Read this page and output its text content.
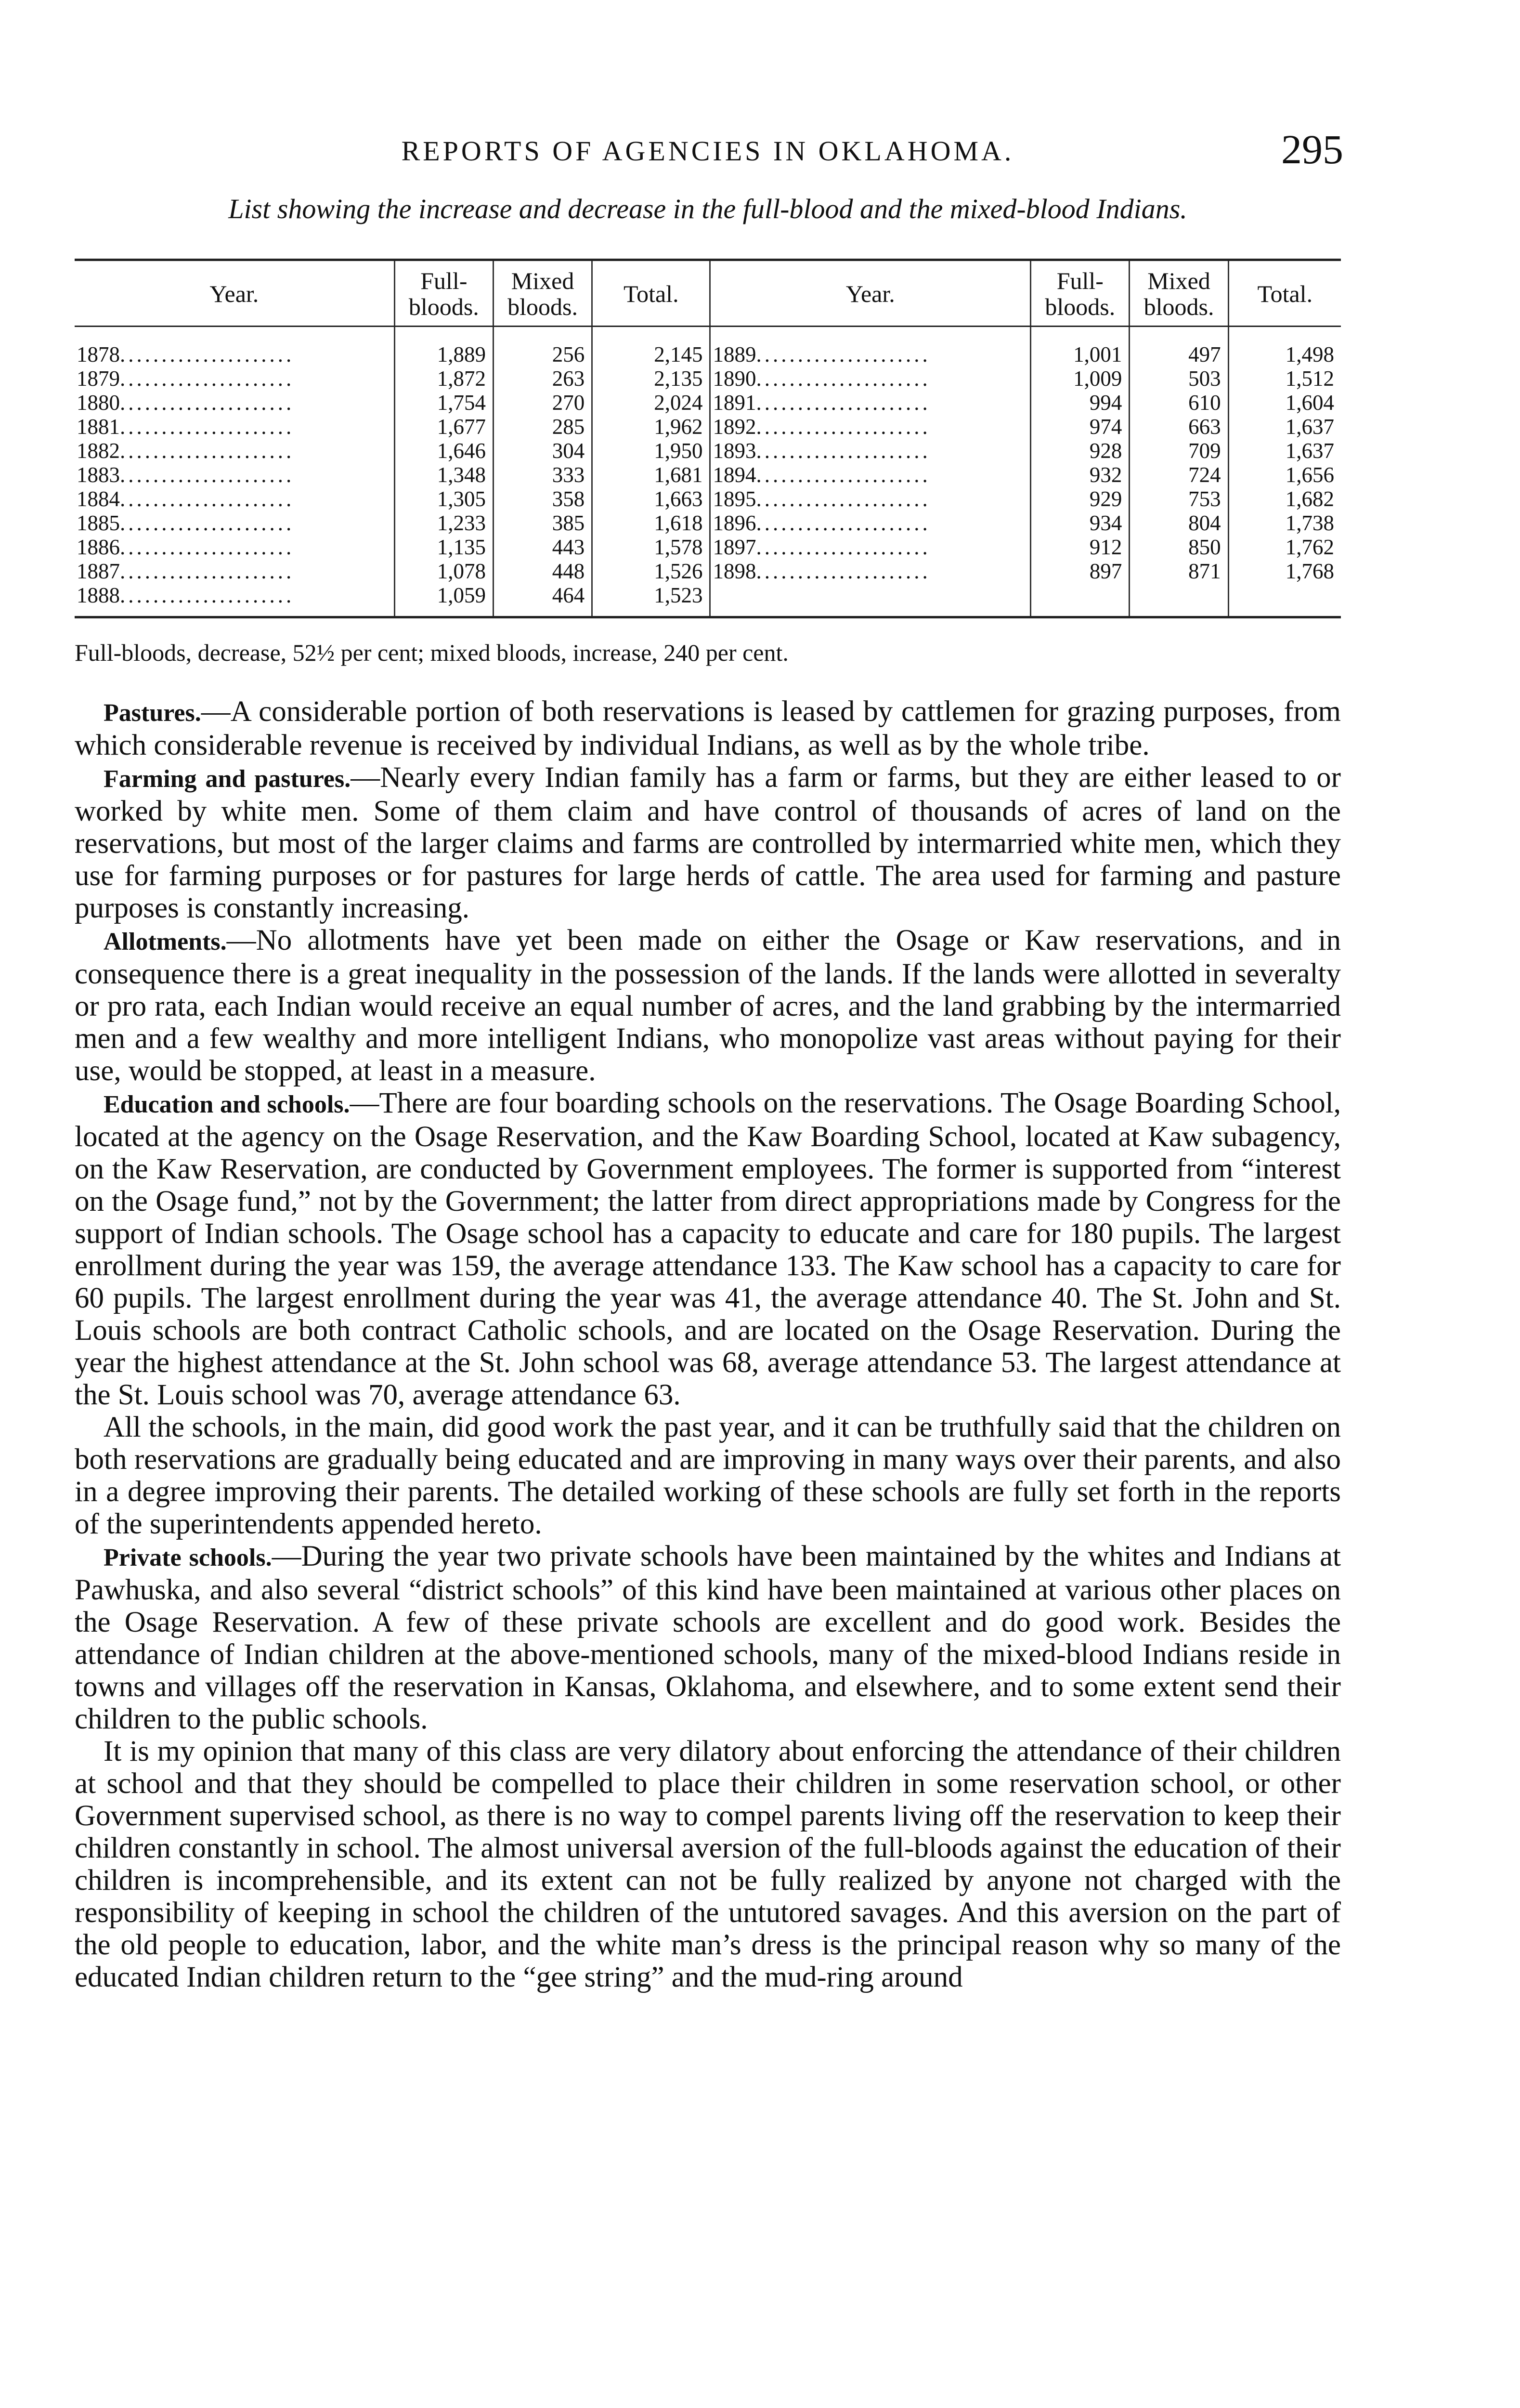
REPORTS OF AGENCIES IN OKLAHOMA.	295
List showing the increase and decrease in the full-blood and the mixed-blood Indians.
Year.	Full-bloods.	Mixed bloods.	Total.	Year.	Full-bloods.	Mixed bloods.	Total.
1878.....................	1,889	256	2,145	1889.....................	1,001	497	1,498
1879.....................	1,872	263	2,135	1890.....................	1,009	503	1,512
1880.....................	1,754	270	2,024	1891.....................	994	610	1,604
1881.....................	1,677	285	1,962	1892.....................	974	663	1,637
1882.....................	1,646	304	1,950	1893.....................	928	709	1,637
1883.....................	1,348	333	1,681	1894.....................	932	724	1,656
1884.....................	1,305	358	1,663	1895.....................	929	753	1,682
1885.....................	1,233	385	1,618	1896.....................	934	804	1,738
1886.....................	1,135	443	1,578	1897.....................	912	850	1,762
1887.....................	1,078	448	1,526	1898.....................	897	871	1,768
1888.....................	1,059	464	1,523				
Full-bloods, decrease, 52½ per cent; mixed bloods, increase, 240 per cent.

Pastures.—A considerable portion of both reservations is leased by cattlemen for grazing purposes, from which considerable revenue is received by individual Indians, as well as by the whole tribe.

Farming and pastures.—Nearly every Indian family has a farm or farms, but they are either leased to or worked by white men. Some of them claim and have control of thousands of acres of land on the reservations, but most of the larger claims and farms are controlled by intermarried white men, which they use for farming purposes or for pastures for large herds of cattle. The area used for farming and pasture purposes is constantly increasing.

Allotments.—No allotments have yet been made on either the Osage or Kaw reservations, and in consequence there is a great inequality in the possession of the lands. If the lands were allotted in severalty or pro rata, each Indian would receive an equal number of acres, and the land grabbing by the intermarried men and a few wealthy and more intelligent Indians, who monopolize vast areas without paying for their use, would be stopped, at least in a measure.

Education and schools.—There are four boarding schools on the reservations. The Osage Boarding School, located at the agency on the Osage Reservation, and the Kaw Boarding School, located at Kaw subagency, on the Kaw Reservation, are conducted by Government employees. The former is supported from “interest on the Osage fund,” not by the Government; the latter from direct appropriations made by Congress for the support of Indian schools. The Osage school has a capacity to educate and care for 180 pupils. The largest enrollment during the year was 159, the average attendance 133. The Kaw school has a capacity to care for 60 pupils. The largest enrollment during the year was 41, the average attendance 40. The St. John and St. Louis schools are both contract Catholic schools, and are located on the Osage Reservation. During the year the highest attendance at the St. John school was 68, average attendance 53. The largest attendance at the St. Louis school was 70, average attendance 63.

All the schools, in the main, did good work the past year, and it can be truthfully said that the children on both reservations are gradually being educated and are improving in many ways over their parents, and also in a degree improving their parents. The detailed working of these schools are fully set forth in the reports of the superintendents appended hereto.

Private schools.—During the year two private schools have been maintained by the whites and Indians at Pawhuska, and also several “district schools” of this kind have been maintained at various other places on the Osage Reservation. A few of these private schools are excellent and do good work. Besides the attendance of Indian children at the above-mentioned schools, many of the mixed-blood Indians reside in towns and villages off the reservation in Kansas, Oklahoma, and elsewhere, and to some extent send their children to the public schools.

It is my opinion that many of this class are very dilatory about enforcing the attendance of their children at school and that they should be compelled to place their children in some reservation school, or other Government supervised school, as there is no way to compel parents living off the reservation to keep their children constantly in school. The almost universal aversion of the full-bloods against the education of their children is incomprehensible, and its extent can not be fully realized by anyone not charged with the responsibility of keeping in school the children of the untutored savages. And this aversion on the part of the old people to education, labor, and the white man’s dress is the principal reason why so many of the educated Indian children return to the “gee string” and the mud-ring around
